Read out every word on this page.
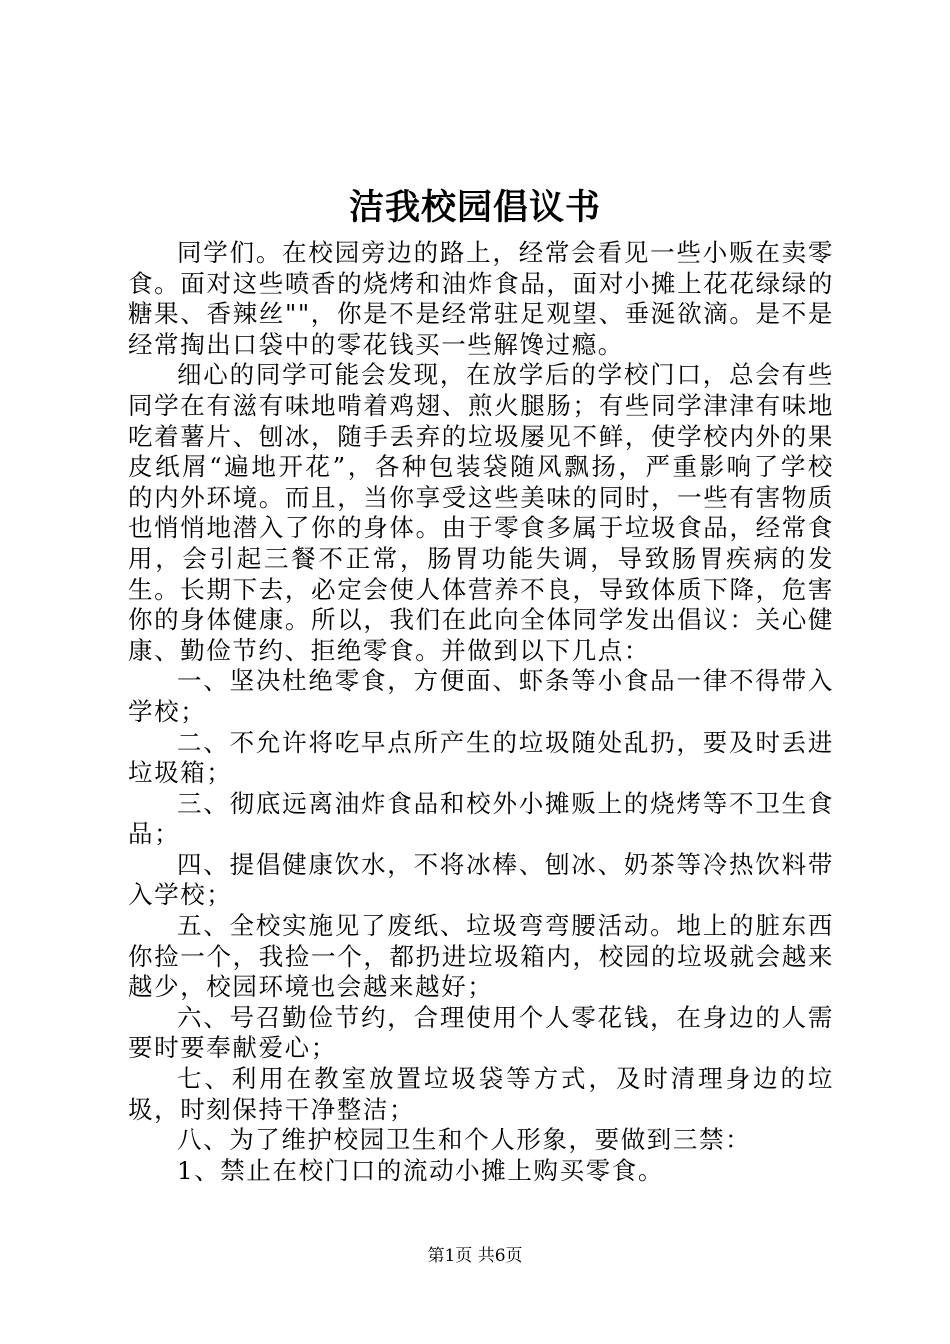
洁我校园倡议书

同学们。在校园旁边的路上，经常会看见一些小贩在卖零食。面对这些喷香的烧烤和油炸食品，面对小摊上花花绿绿的糖果、香辣丝""，你是不是经常驻足观望、垂涎欲滴。是不是经常掏出口袋中的零花钱买一些解馋过瘾。

细心的同学可能会发现，在放学后的学校门口，总会有些同学在有滋有味地啃着鸡翅、煎火腿肠；有些同学津津有味地吃着薯片、刨冰，随手丢弃的垃圾屡见不鲜，使学校内外的果皮纸屑“遍地开花”，各种包装袋随风飘扬，严重影响了学校的内外环境。而且，当你享受这些美味的同时，一些有害物质也悄悄地潜入了你的身体。由于零食多属于垃圾食品，经常食用，会引起三餐不正常，肠胃功能失调，导致肠胃疾病的发生。长期下去，必定会使人体营养不良，导致体质下降，危害你的身体健康。所以，我们在此向全体同学发出倡议：关心健康、勤俭节约、拒绝零食。并做到以下几点：

一、坚决杜绝零食，方便面、虾条等小食品一律不得带入学校；

二、不允许将吃早点所产生的垃圾随处乱扔，要及时丢进垃圾箱；

三、彻底远离油炸食品和校外小摊贩上的烧烤等不卫生食品；

四、提倡健康饮水，不将冰棒、刨冰、奶茶等冷热饮料带入学校；

五、全校实施见了废纸、垃圾弯弯腰活动。地上的脏东西你捡一个，我捡一个，都扔进垃圾箱内，校园的垃圾就会越来越少，校园环境也会越来越好；

六、号召勤俭节约，合理使用个人零花钱，在身边的人需要时要奉献爱心；

七、利用在教室放置垃圾袋等方式，及时清理身边的垃圾，时刻保持干净整洁；

八、为了维护校园卫生和个人形象，要做到三禁：

1、禁止在校门口的流动小摊上购买零食。

第1页 共6页
